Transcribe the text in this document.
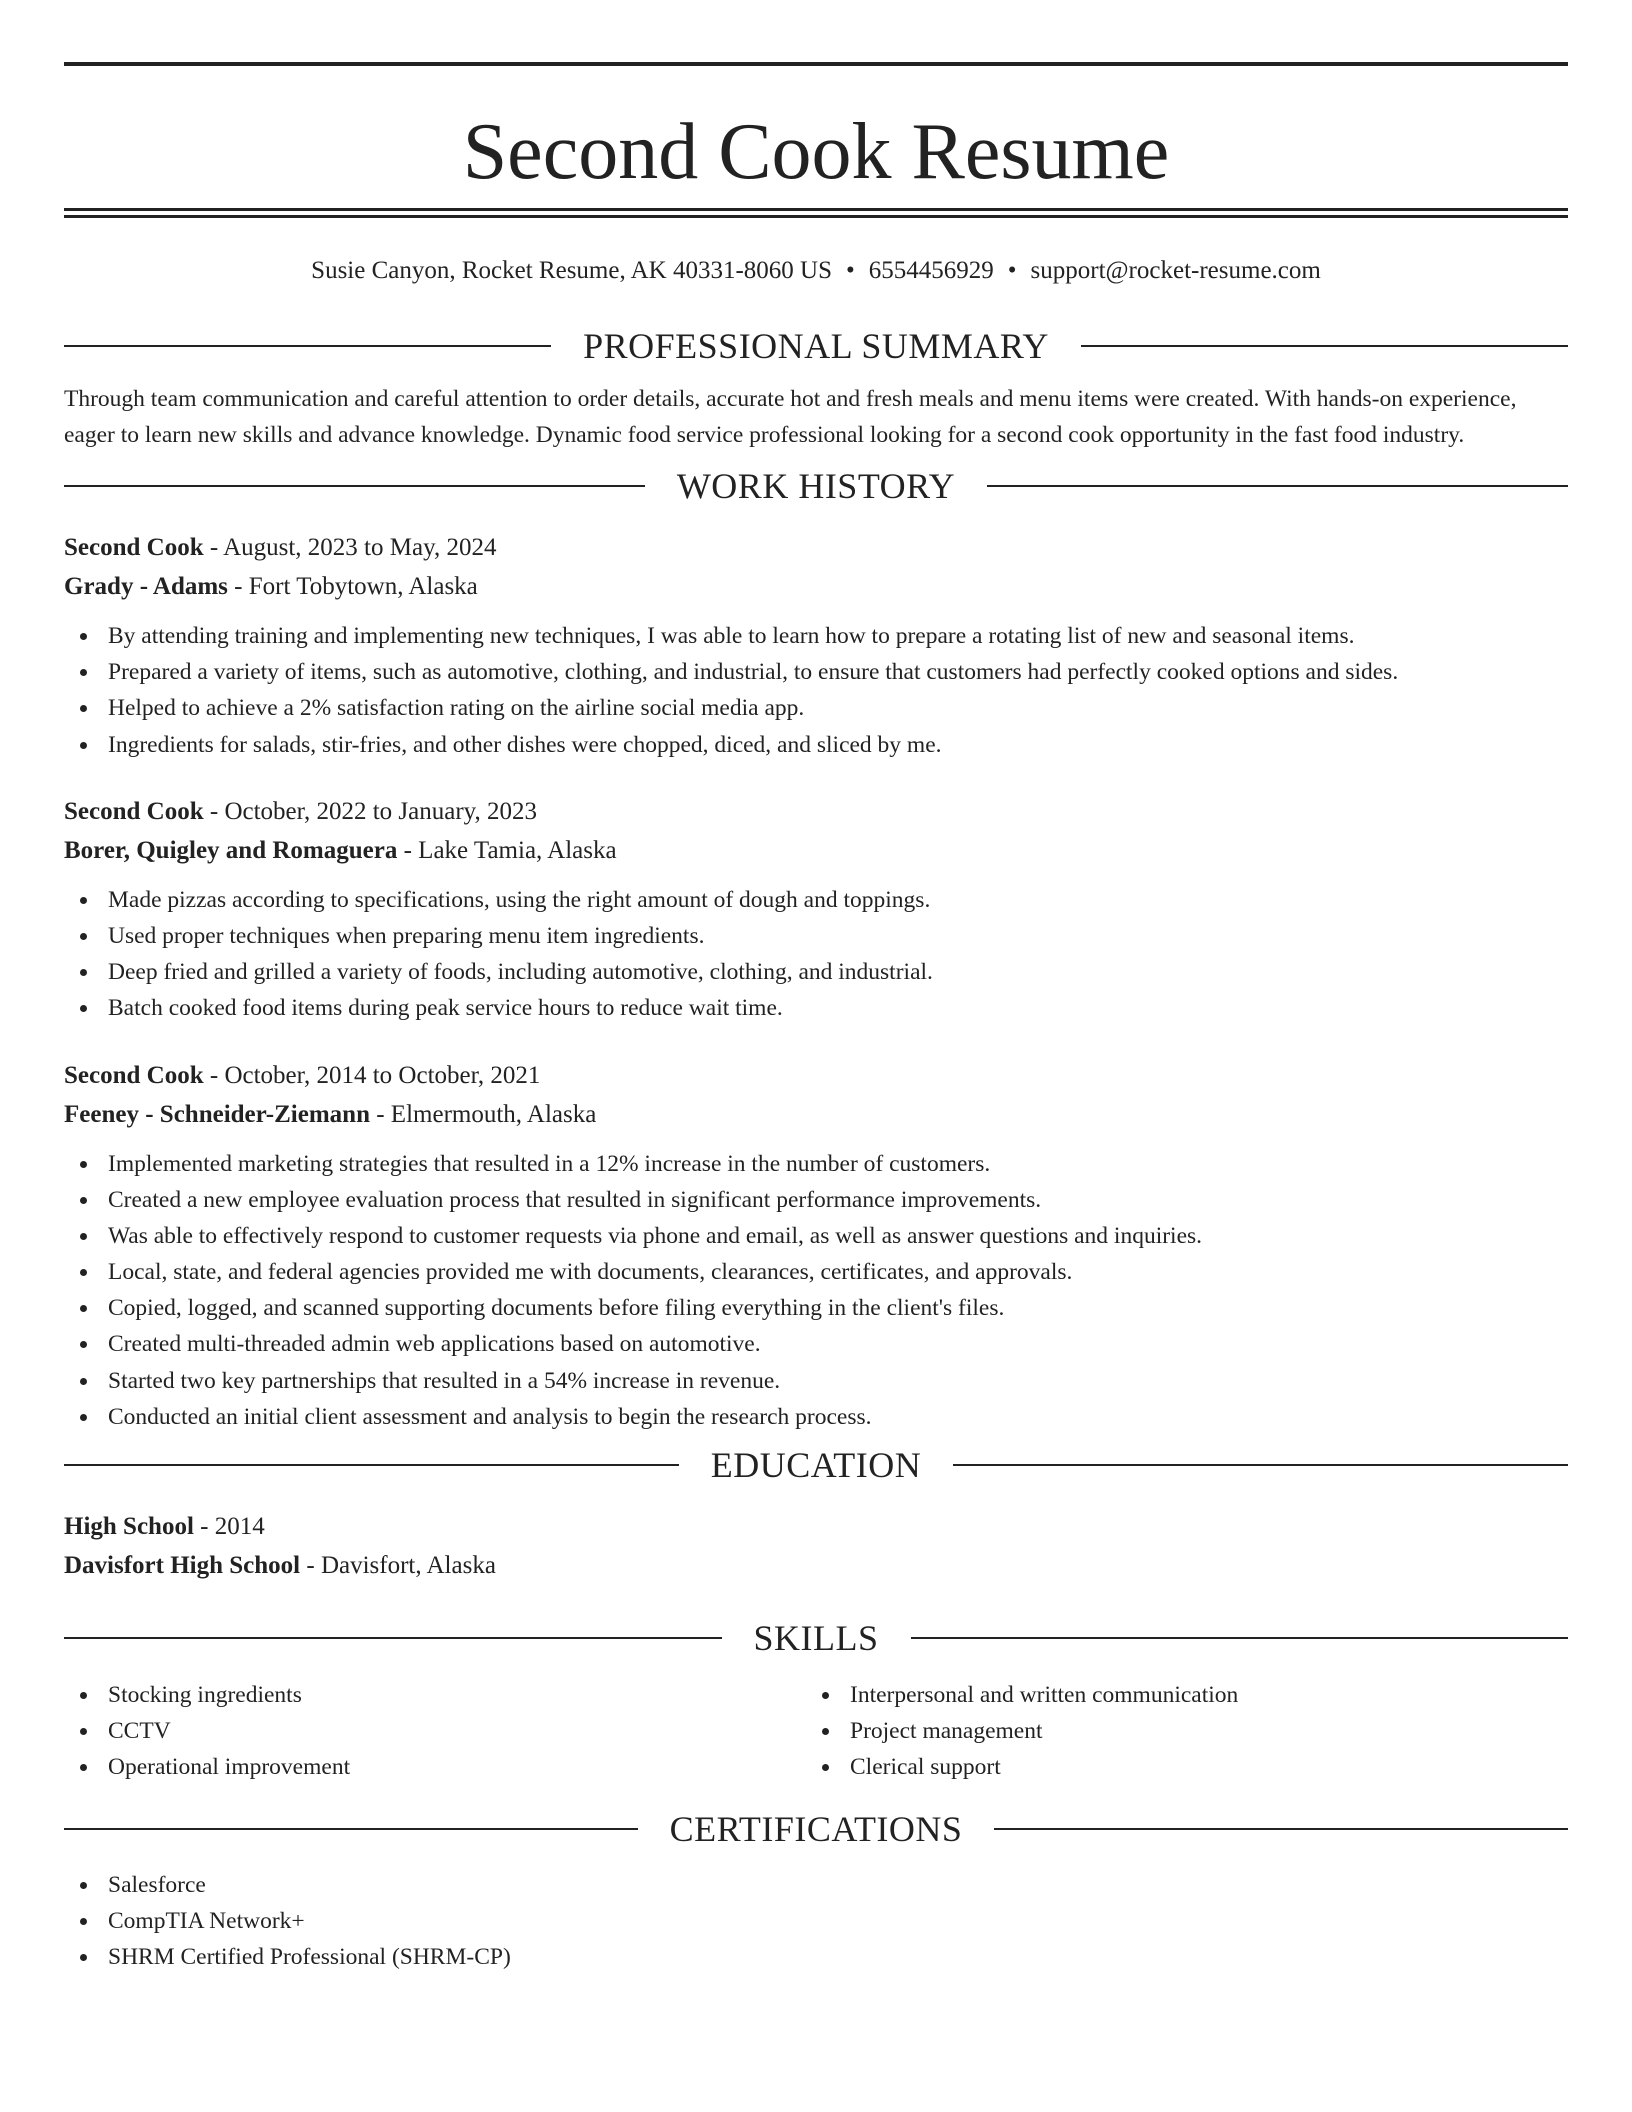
Second Cook Resume
Susie Canyon, Rocket Resume, AK 40331-8060 US • 6554456929 • support@rocket-resume.com
PROFESSIONAL SUMMARY

Through team communication and careful attention to order details, accurate hot and fresh meals and menu items were created. With hands-on experience, eager to learn new skills and advance knowledge. Dynamic food service professional looking for a second cook opportunity in the fast food industry.

WORK HISTORY
Second Cook - August, 2023 to May, 2024
Grady - Adams - Fort Tobytown, Alaska
By attending training and implementing new techniques, I was able to learn how to prepare a rotating list of new and seasonal items.
Prepared a variety of items, such as automotive, clothing, and industrial, to ensure that customers had perfectly cooked options and sides.
Helped to achieve a 2% satisfaction rating on the airline social media app.
Ingredients for salads, stir-fries, and other dishes were chopped, diced, and sliced by me.
Second Cook - October, 2022 to January, 2023
Borer, Quigley and Romaguera - Lake Tamia, Alaska
Made pizzas according to specifications, using the right amount of dough and toppings.
Used proper techniques when preparing menu item ingredients.
Deep fried and grilled a variety of foods, including automotive, clothing, and industrial.
Batch cooked food items during peak service hours to reduce wait time.
Second Cook - October, 2014 to October, 2021
Feeney - Schneider-Ziemann - Elmermouth, Alaska
Implemented marketing strategies that resulted in a 12% increase in the number of customers.
Created a new employee evaluation process that resulted in significant performance improvements.
Was able to effectively respond to customer requests via phone and email, as well as answer questions and inquiries.
Local, state, and federal agencies provided me with documents, clearances, certificates, and approvals.
Copied, logged, and scanned supporting documents before filing everything in the client's files.
Created multi-threaded admin web applications based on automotive.
Started two key partnerships that resulted in a 54% increase in revenue.
Conducted an initial client assessment and analysis to begin the research process.
EDUCATION
High School - 2014
Davisfort High School - Davisfort, Alaska
SKILLS
Stocking ingredients
CCTV
Operational improvement
Interpersonal and written communication
Project management
Clerical support
CERTIFICATIONS
Salesforce
CompTIA Network+
SHRM Certified Professional (SHRM-CP)
